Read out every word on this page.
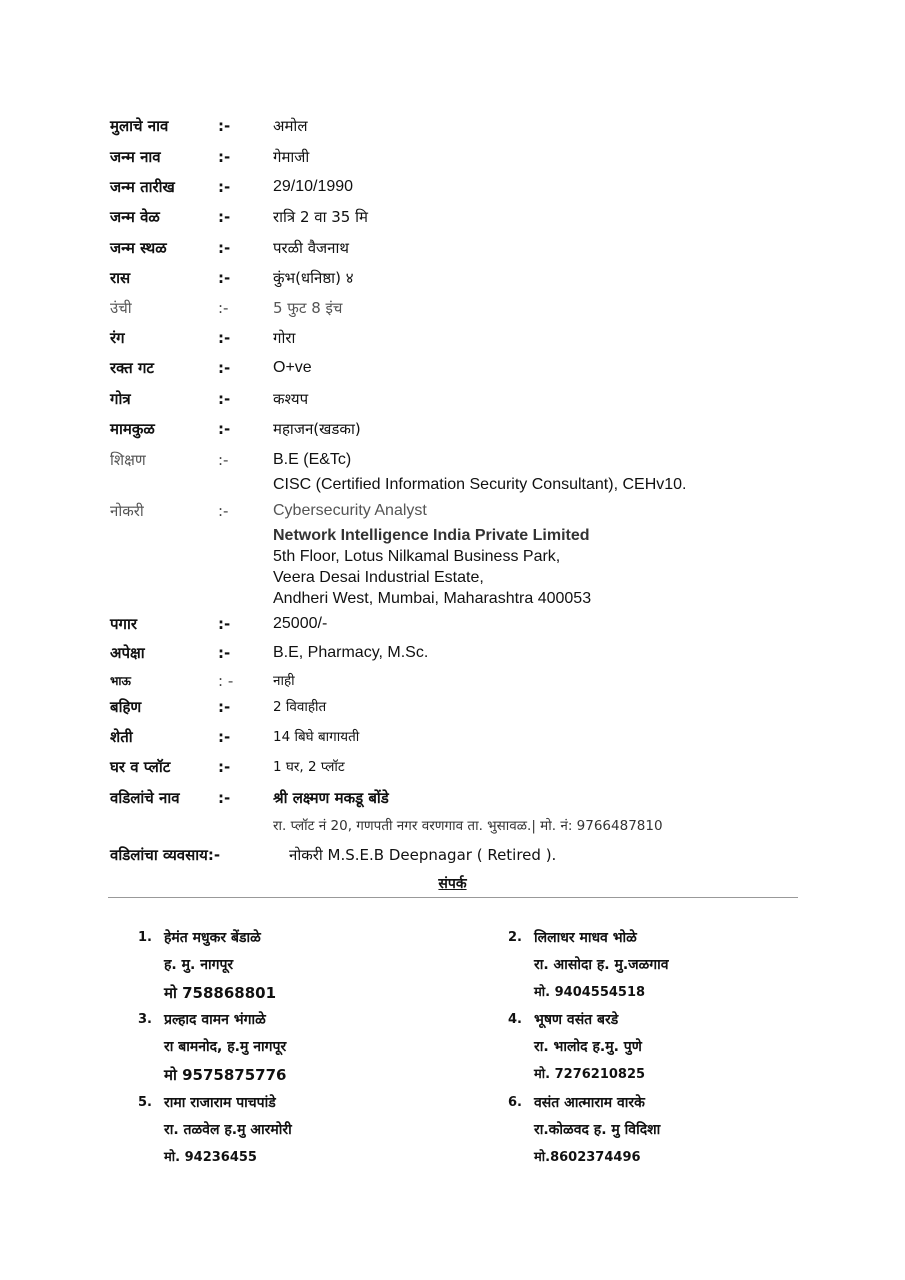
मुलाचे नाव	:-	अमोल
जन्म नाव	:-	गेमाजी
जन्म तारीख	:-	29/10/1990
जन्म वेळ	:-	रात्रि 2 वा 35 मि
जन्म स्थळ	:-	परळी वैजनाथ
रास	:-	कुंभ(धनिष्ठा) ४
उंची	:-	5 फुट 8 इंच
रंग	:-	गोरा
रक्त गट	:-	O+ve
गोत्र	:-	कश्यप
मामकुळ	:-	महाजन(खडका)
शिक्षण	:-	B.E (E&Tc)
CISC (Certified Information Security Consultant), CEHv10.
नोकरी	:-	Cybersecurity Analyst
Network Intelligence India Private Limited
5th Floor, Lotus Nilkamal Business Park,
Veera Desai Industrial Estate,
Andheri West, Mumbai, Maharashtra 400053
पगार	:-	25000/-
अपेक्षा	:-	B.E, Pharmacy, M.Sc.
भाऊ	: -	नाही
बहिण	:-	2 विवाहीत
शेती	:-	14 बिघे बागायती
घर व प्लॉट	:-	1 घर, 2 प्लॉट
वडिलांचे नाव	:-	श्री लक्ष्मण मकडू बोंडे
रा. प्लॉट नं 20, गणपती नगर वरणगाव ता. भुसावळ.| मो. नं: 9766487810
वडिलांचा व्यवसाय:-	नोकरी M.S.E.B Deepnagar ( Retired ).
संपर्क
1. हेमंत मधुकर बेंडाळे
ह. मु. नागपूर
मो 758868801
2. लिलाधर माधव भोळे
रा. आसोदा ह. मु.जळगाव
मो. 9404554518
3. प्रल्हाद वामन भंगाळे
रा बामनोद, ह.मु नागपूर
मो 9575875776
4. भूषण वसंत बरडे
रा. भालोद ह.मु. पुणे
मो. 7276210825
5. रामा राजाराम पाचपांडे
रा. तळवेल ह.मु आरमोरी
मो. 94236455
6. वसंत आत्माराम वारके
रा.कोळवद ह. मु विदिशा
मो.8602374496
